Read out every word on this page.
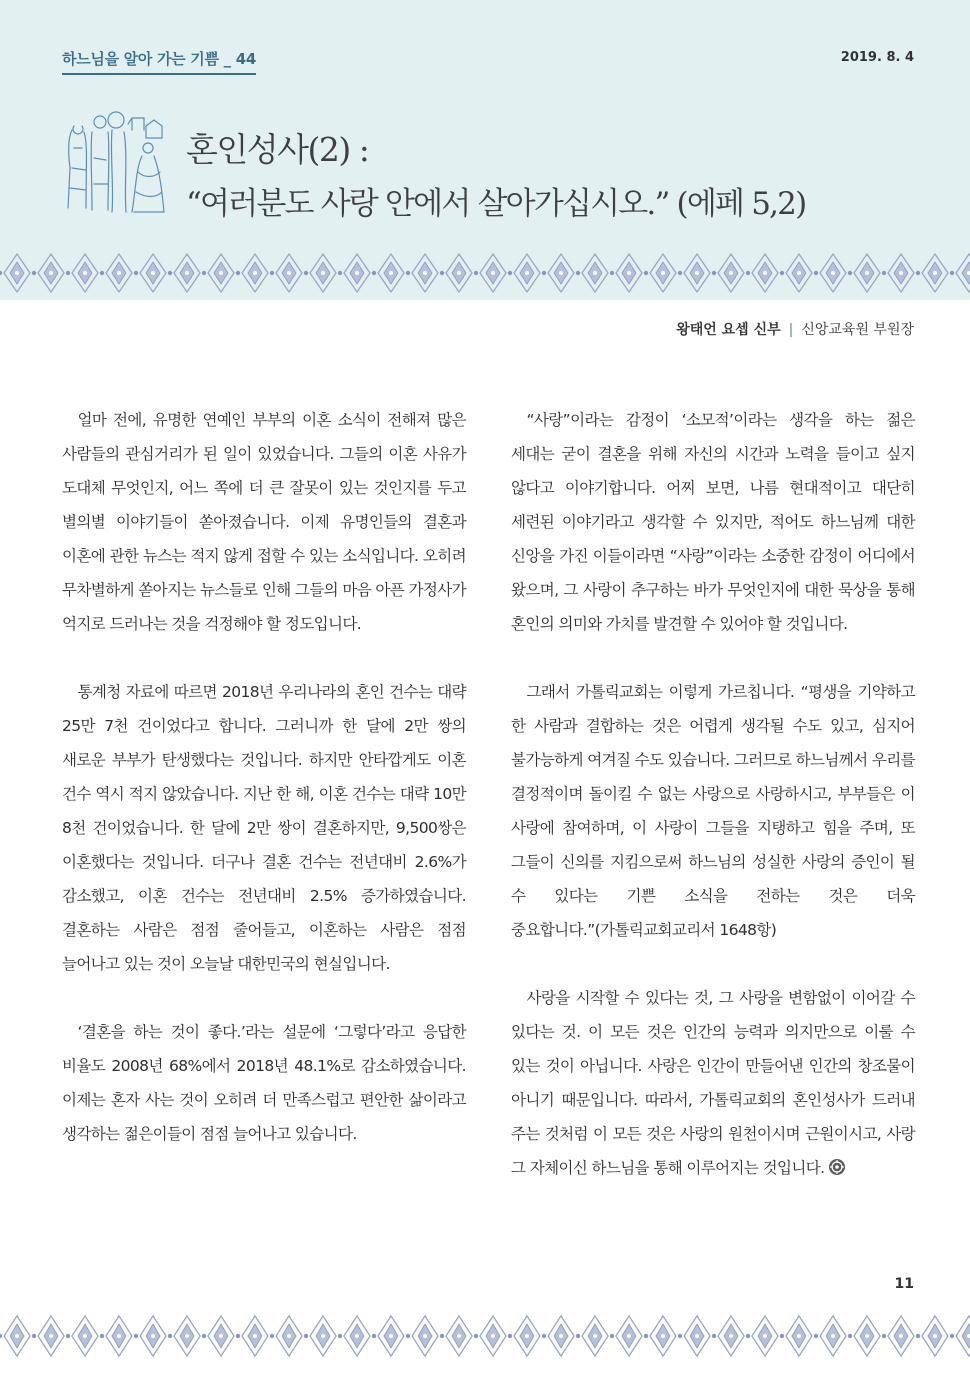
하느님을 알아 가는 기쁨 _ 44	2019. 8. 4
혼인성사(2) :
“여러분도 사랑 안에서 살아가십시오.” (에페 5,2)
왕태언 요셉 신부 | 신앙교육원 부원장

얼마 전에, 유명한 연예인 부부의 이혼 소식이 전해져 많은 사람들의 관심거리가 된 일이 있었습니다. 그들의 이혼 사유가 도대체 무엇인지, 어느 쪽에 더 큰 잘못이 있는 것인지를 두고 별의별 이야기들이 쏟아졌습니다. 이제 유명인들의 결혼과 이혼에 관한 뉴스는 적지 않게 접할 수 있는 소식입니다. 오히려 무차별하게 쏟아지는 뉴스들로 인해 그들의 마음 아픈 가정사가 억지로 드러나는 것을 걱정해야 할 정도입니다.

통계청 자료에 따르면 2018년 우리나라의 혼인 건수는 대략 25만 7천 건이었다고 합니다. 그러니까 한 달에 2만 쌍의 새로운 부부가 탄생했다는 것입니다. 하지만 안타깝게도 이혼 건수 역시 적지 않았습니다. 지난 한 해, 이혼 건수는 대략 10만 8천 건이었습니다. 한 달에 2만 쌍이 결혼하지만, 9,500쌍은 이혼했다는 것입니다. 더구나 결혼 건수는 전년대비 2.6%가 감소했고, 이혼 건수는 전년대비 2.5% 증가하였습니다. 결혼하는 사람은 점점 줄어들고, 이혼하는 사람은 점점 늘어나고 있는 것이 오늘날 대한민국의 현실입니다.

‘결혼을 하는 것이 좋다.’라는 설문에 ‘그렇다’라고 응답한 비율도 2008년 68%에서 2018년 48.1%로 감소하였습니다. 이제는 혼자 사는 것이 오히려 더 만족스럽고 편안한 삶이라고 생각하는 젊은이들이 점점 늘어나고 있습니다.

“사랑”이라는 감정이 ‘소모적’이라는 생각을 하는 젊은 세대는 굳이 결혼을 위해 자신의 시간과 노력을 들이고 싶지 않다고 이야기합니다. 어찌 보면, 나름 현대적이고 대단히 세련된 이야기라고 생각할 수 있지만, 적어도 하느님께 대한 신앙을 가진 이들이라면 “사랑”이라는 소중한 감정이 어디에서 왔으며, 그 사랑이 추구하는 바가 무엇인지에 대한 묵상을 통해 혼인의 의미와 가치를 발견할 수 있어야 할 것입니다.

그래서 가톨릭교회는 이렇게 가르칩니다. “평생을 기약하고 한 사람과 결합하는 것은 어렵게 생각될 수도 있고, 심지어 불가능하게 여겨질 수도 있습니다. 그러므로 하느님께서 우리를 결정적이며 돌이킬 수 없는 사랑으로 사랑하시고, 부부들은 이 사랑에 참여하며, 이 사랑이 그들을 지탱하고 힘을 주며, 또 그들이 신의를 지킴으로써 하느님의 성실한 사랑의 증인이 될 수 있다는 기쁜 소식을 전하는 것은 더욱 중요합니다.”(가톨릭교회교리서 1648항)

사랑을 시작할 수 있다는 것, 그 사랑을 변함없이 이어갈 수 있다는 것. 이 모든 것은 인간의 능력과 의지만으로 이룰 수 있는 것이 아닙니다. 사랑은 인간이 만들어낸 인간의 창조물이 아니기 때문입니다. 따라서, 가톨릭교회의 혼인성사가 드러내 주는 것처럼 이 모든 것은 사랑의 원천이시며 근원이시고, 사랑 그 자체이신 하느님을 통해 이루어지는 것입니다.

11
